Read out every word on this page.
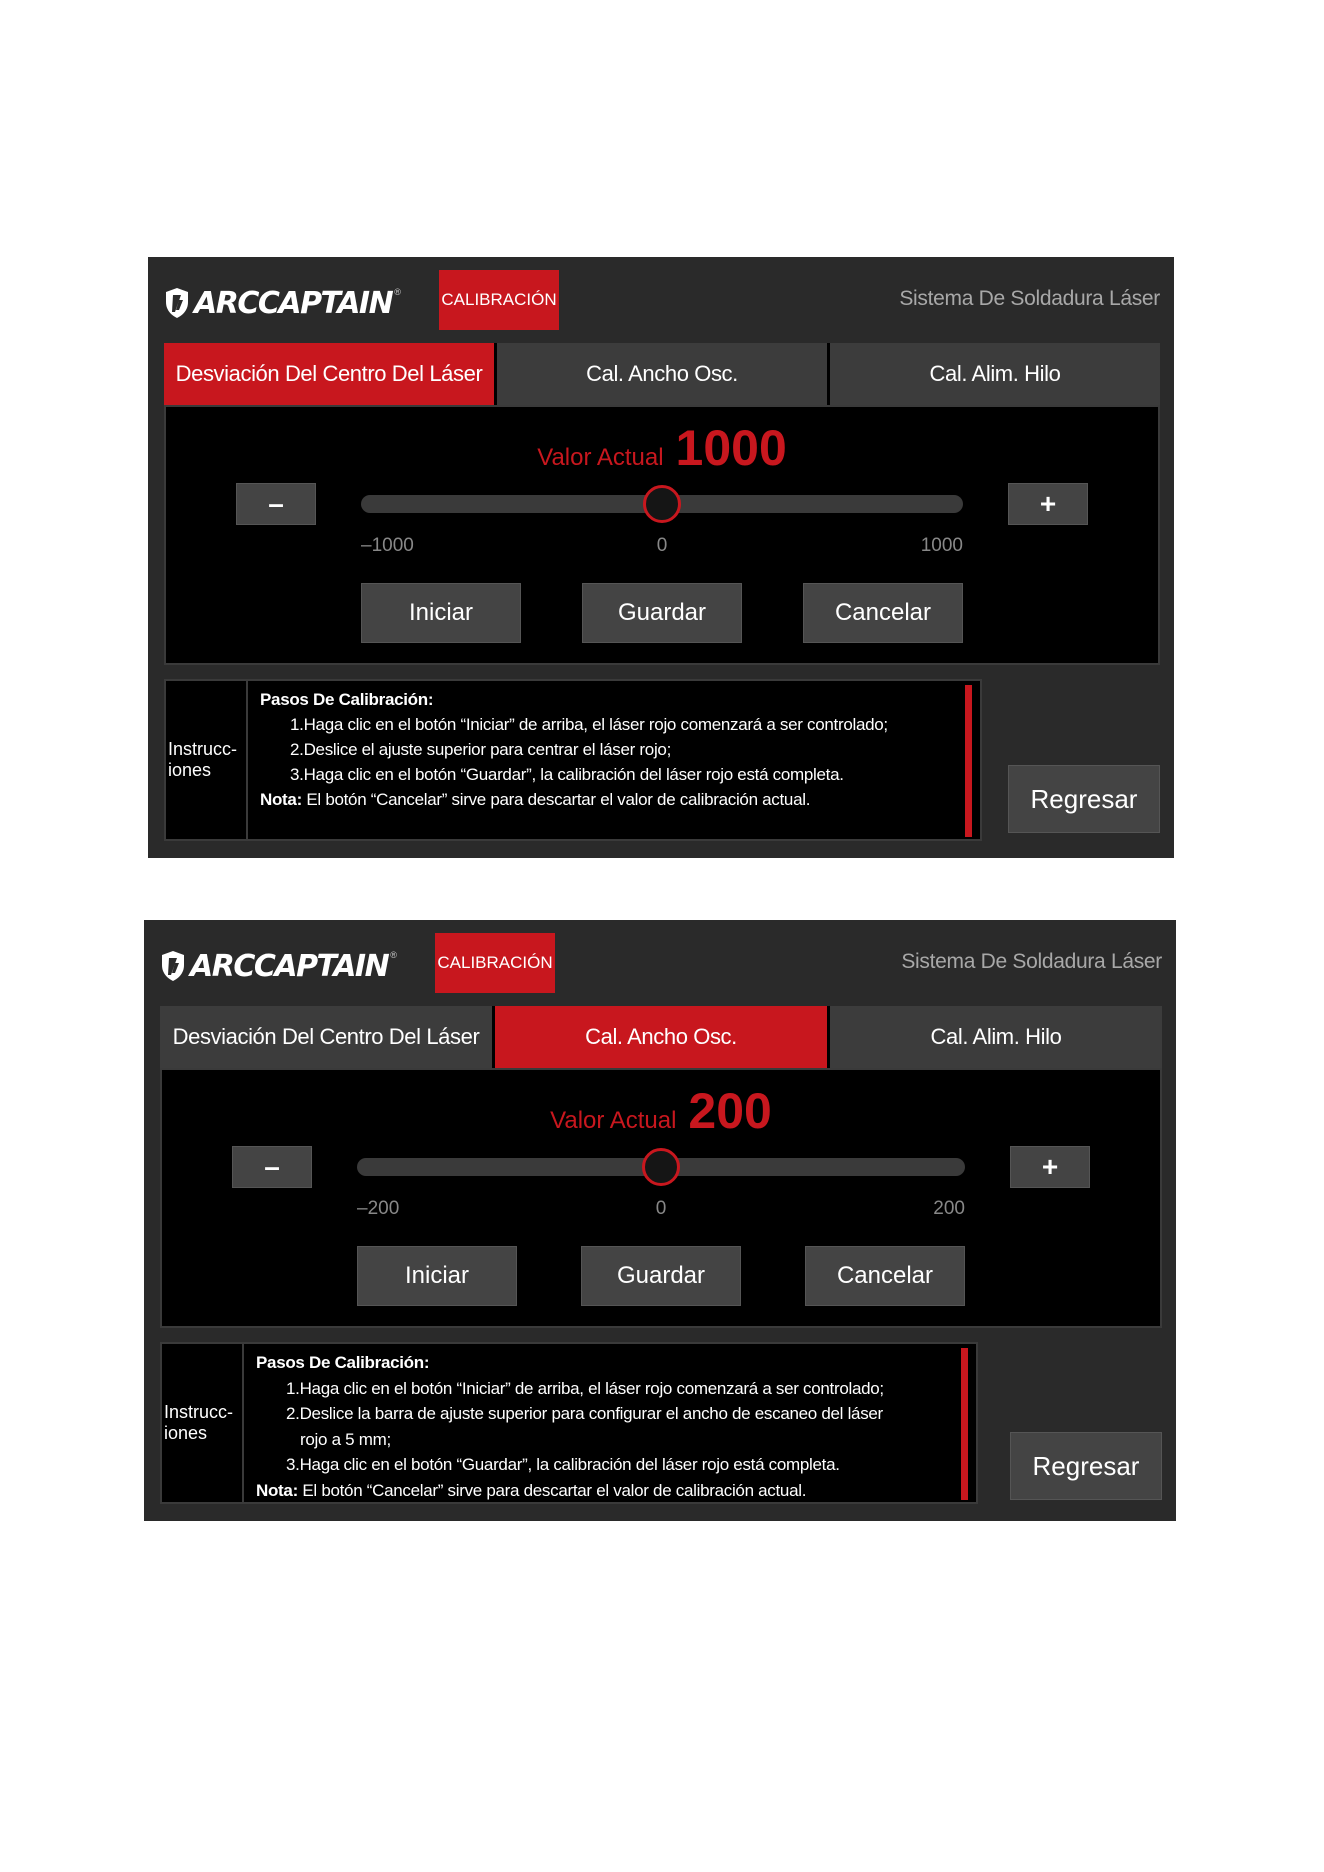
ARCCAPTAIN ® CALIBRACIÓN	Sistema De Soldadura Láser
Desviación Del Centro Del Láser	Cal. Ancho Osc.	Cal. Alim. Hilo
Valor Actual 1000
–	+
–1000	0	1000
Iniciar	Guardar	Cancelar
Instrucc-
iones
Pasos De Calibración:
1.Haga clic en el botón “Iniciar” de arriba, el láser rojo comenzará a ser controlado;
2.Deslice el ajuste superior para centrar el láser rojo;
3.Haga clic en el botón “Guardar”, la calibración del láser rojo está completa.
Nota: El botón “Cancelar” sirve para descartar el valor de calibración actual.	Regresar
ARCCAPTAIN ® CALIBRACIÓN	Sistema De Soldadura Láser
Desviación Del Centro Del Láser	Cal. Ancho Osc.	Cal. Alim. Hilo
Valor Actual 200
–	+
–200	0	200
Iniciar	Guardar	Cancelar
Instrucc-
iones
Pasos De Calibración:
1.Haga clic en el botón “Iniciar” de arriba, el láser rojo comenzará a ser controlado;
2.Deslice la barra de ajuste superior para configurar el ancho de escaneo del láser
rojo a 5 mm;
3.Haga clic en el botón “Guardar”, la calibración del láser rojo está completa.
Nota: El botón “Cancelar” sirve para descartar el valor de calibración actual.
Regresar
